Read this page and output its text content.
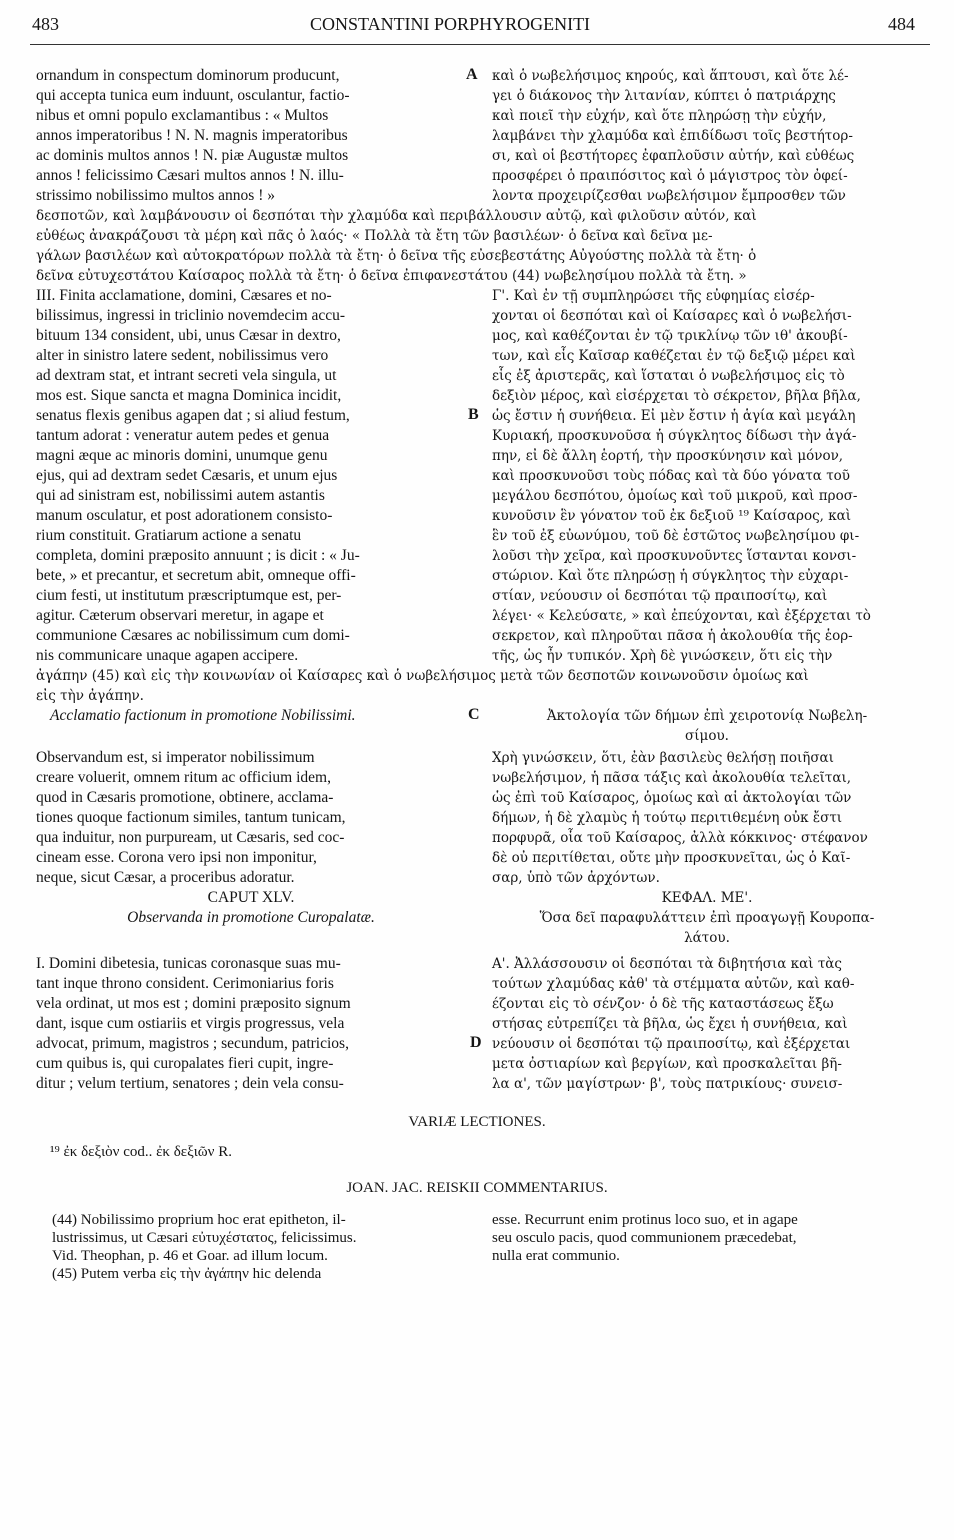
483	CONSTANTINI PORPHYROGENITI	484
ornandum in conspectum dominorum producunt,
qui accepta tunica eum induunt, osculantur, factio-
nibus et omni populo exclamantibus : « Multos
annos imperatoribus ! N. N. magnis imperatoribus
ac dominis multos annos ! N. piæ Augustæ multos
annos ! felicissimo Cæsari multos annos ! N. illu-
strissimo nobilissimo multos annos ! »
καὶ ὁ νωβελήσιμος κηρούς, καὶ ἅπτουσι, καὶ ὅτε λέ-
γει ὁ διάκονος τὴν λιτανίαν, κύπτει ὁ πατριάρχης
καὶ ποιεῖ τὴν εὐχήν, καὶ ὅτε πληρώσῃ τὴν εὐχήν,
λαμβάνει τὴν χλαμύδα καὶ ἐπιδίδωσι τοῖς βεστήτορ-
σι, καὶ οἱ βεστήτορες ἐφαπλοῦσιν αὐτήν, καὶ εὐθέως
προσφέρει ὁ πραιπόσιτος καὶ ὁ μάγιστρος τὸν ὀφεί-
λοντα προχειρίζεσθαι νωβελήσιμον ἔμπροσθεν τῶν
A
δεσποτῶν, καὶ λαμβάνουσιν οἱ δεσπόται τὴν χλαμύδα καὶ περιβάλλουσιν αὐτῷ, καὶ φιλοῦσιν αὐτόν, καὶ
εὐθέως ἀνακράζουσι τὰ μέρη καὶ πᾶς ὁ λαός· « Πολλὰ τὰ ἔτη τῶν βασιλέων· ὁ δεῖνα καὶ δεῖνα με-
γάλων βασιλέων καὶ αὐτοκρατόρων πολλὰ τὰ ἔτη· ὁ δεῖνα τῆς εὐσεβεστάτης Αὐγούστης πολλὰ τὰ ἔτη· ὁ
δεῖνα εὐτυχεστάτου Καίσαρος πολλὰ τὰ ἔτη· ὁ δεῖνα ἐπιφανεστάτου (44) νωβελησίμου πολλὰ τὰ ἔτη. »
III. Finita acclamatione, domini, Cæsares et no-
bilissimus, ingressi in triclinio novemdecim accu-
bituum 134 consident, ubi, unus Cæsar in dextro,
alter in sinistro latere sedent, nobilissimus vero
ad dextram stat, et intrant secreti vela singula, ut
mos est. Sique sancta et magna Dominica incidit,
senatus flexis genibus agapen dat ; si aliud festum,
tantum adorat : veneratur autem pedes et genua
magni æque ac minoris domini, unumque genu
ejus, qui ad dextram sedet Cæsaris, et unum ejus
qui ad sinistram est, nobilissimi autem astantis
manum osculatur, et post adorationem consisto-
rium constituit. Gratiarum actione a senatu
completa, domini præposito annuunt ; is dicit : « Ju-
bete, » et precantur, et secretum abit, omneque offi-
cium festi, ut institutum præscriptumque est, per-
agitur. Cæterum observari meretur, in agape et
communione Cæsares ac nobilissimum cum domi-
nis communicare unaque agapen accipere.
Γ'. Καὶ ἐν τῇ συμπληρώσει τῆς εὐφημίας εἰσέρ-
χονται οἱ δεσπόται καὶ οἱ Καίσαρες καὶ ὁ νωβελήσι-
μος, καὶ καθέζονται ἐν τῷ τρικλίνῳ τῶν ιθ' ἀκουβί-
των, καὶ εἷς Καῖσαρ καθέζεται ἐν τῷ δεξιῷ μέρει καὶ
εἷς ἐξ ἀριστερᾶς, καὶ ἵσταται ὁ νωβελήσιμος εἰς τὸ
δεξιὸν μέρος, καὶ εἰσέρχεται τὸ σέκρετον, βῆλα βῆλα,
ὡς ἔστιν ἡ συνήθεια. Εἰ μὲν ἔστιν ἡ ἁγία καὶ μεγάλη
Κυριακή, προσκυνοῦσα ἡ σύγκλητος δίδωσι τὴν ἀγά-
πην, εἰ δὲ ἄλλη ἑορτή, τὴν προσκύνησιν καὶ μόνον,
καὶ προσκυνοῦσι τοὺς πόδας καὶ τὰ δύο γόνατα τοῦ
μεγάλου δεσπότου, ὁμοίως καὶ τοῦ μικροῦ, καὶ προσ-
κυνοῦσιν ἓν γόνατον τοῦ ἐκ δεξιοῦ ¹⁹ Καίσαρος, καὶ
ἓν τοῦ ἐξ εὐωνύμου, τοῦ δὲ ἑστῶτος νωβελησίμου φι-
λοῦσι τὴν χεῖρα, καὶ προσκυνοῦντες ἵστανται κονσι-
στώριον. Καὶ ὅτε πληρώσῃ ἡ σύγκλητος τὴν εὐχαρι-
στίαν, νεύουσιν οἱ δεσπόται τῷ πραιποσίτῳ, καὶ
λέγει· « Κελεύσατε, » καὶ ἐπεύχονται, καὶ ἐξέρχεται τὸ
σεκρετον, καὶ πληροῦται πᾶσα ἡ ἀκολουθία τῆς ἑορ-
τῆς, ὡς ἦν τυπικόν. Χρὴ δὲ γινώσκειν, ὅτι εἰς τὴν
B
ἀγάπην (45) καὶ εἰς τὴν κοινωνίαν οἱ Καίσαρες καὶ ὁ νωβελήσιμος μετὰ τῶν δεσποτῶν κοινωνοῦσιν ὁμοίως καὶ
εἰς τὴν ἀγάπην.
Acclamatio factionum in promotione Nobilissimi.	C	Ἀκτολογία τῶν δήμων ἐπὶ χειροτονίᾳ Νωβελη-
σίμου.
Observandum est, si imperator nobilissimum
creare voluerit, omnem ritum ac officium idem,
quod in Cæsaris promotione, obtinere, acclama-
tiones quoque factionum similes, tantum tunicam,
qua induitur, non purpuream, ut Cæsaris, sed coc-
cineam esse. Corona vero ipsi non imponitur,
neque, sicut Cæsar, a proceribus adoratur.
Χρὴ γινώσκειν, ὅτι, ἐὰν βασιλεὺς θελήσῃ ποιῆσαι
νωβελήσιμον, ἡ πᾶσα τάξις καὶ ἀκολουθία τελεῖται,
ὡς ἐπὶ τοῦ Καίσαρος, ὁμοίως καὶ αἱ ἀκτολογίαι τῶν
δήμων, ἡ δὲ χλαμὺς ἡ τούτῳ περιτιθεμένη οὐκ ἔστι
πορφυρᾶ, οἷα τοῦ Καίσαρος, ἀλλὰ κόκκινος· στέφανον
δὲ οὐ περιτίθεται, οὔτε μὴν προσκυνεῖται, ὡς ὁ Καῖ-
σαρ, ὑπὸ τῶν ἀρχόντων.
CAPUT XLV.
Observanda in promotione Curopalatæ.
ΚΕΦΑΛ. ΜΕ'.
Ὅσα δεῖ παραφυλάττειν ἐπὶ προαγωγῇ Κουροπα-
λάτου.
I. Domini dibetesia, tunicas coronasque suas mu-
tant inque throno consident. Cerimoniarius foris
vela ordinat, ut mos est ; domini præposito signum
dant, isque cum ostiariis et virgis progressus, vela
advocat, primum, magistros ; secundum, patricios,
cum quibus is, qui curopalates fieri cupit, ingre-
ditur ; velum tertium, senatores ; dein vela consu-
Α'. Ἀλλάσσουσιν οἱ δεσπόται τὰ διβητήσια καὶ τὰς
τούτων χλαμύδας κἀθ' τὰ στέμματα αὐτῶν, καὶ καθ-
έζονται εἰς τὸ σένζον· ὁ δὲ τῆς καταστάσεως ἔξω
στήσας εὐτρεπίζει τὰ βῆλα, ὡς ἔχει ἡ συνήθεια, καὶ
νεύουσιν οἱ δεσπόται τῷ πραιποσίτῳ, καὶ ἐξέρχεται
μετα ὀστιαρίων καὶ βεργίων, καὶ προσκαλεῖται βῆ-
λα α', τῶν μαγίστρων· β', τοὺς πατρικίους· συνεισ-
D
VARIÆ LECTIONES.
¹⁹ ἐκ δεξιὸν cod.. ἐκ δεξιῶν R.
JOAN. JAC. REISKII COMMENTARIUS.
(44) Nobilissimo proprium hoc erat epitheton, il-
lustrissimus, ut Cæsari εὐτυχέστατος, felicissimus.
Vid. Theophan, p. 46 et Goar. ad illum locum.
(45) Putem verba εἰς τὴν ἀγάπην hic delenda
esse. Recurrunt enim protinus loco suo, et in agape
seu osculo pacis, quod communionem præcedebat,
nulla erat communio.
